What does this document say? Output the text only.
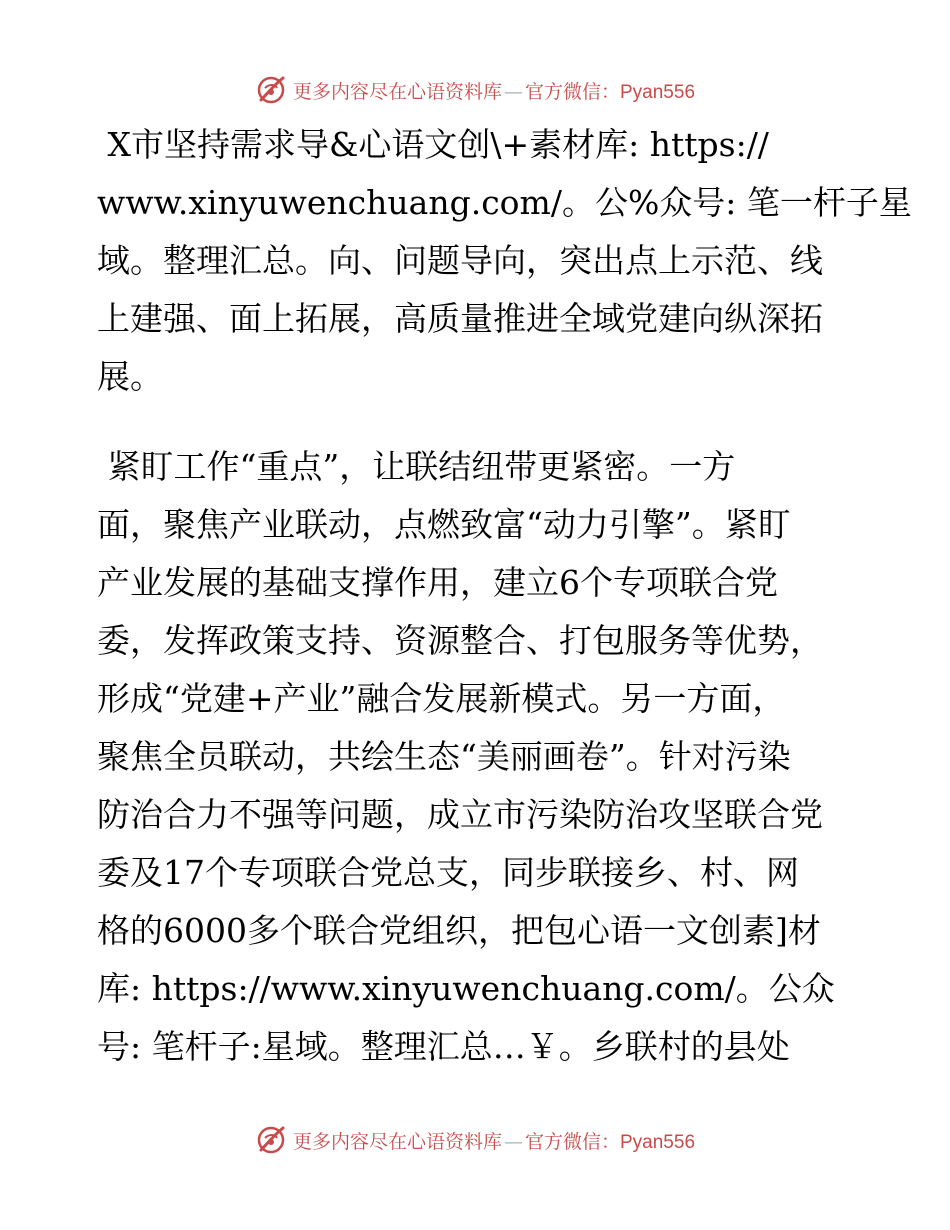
更多内容尽在心语资料库 — 官方微信：Pyan556
X市坚持需求导&心语文创\+素材库: https://
www.xinyuwenchuang.com/。公%众号: 笔一杆子星
域。整理汇总。向、问题导向，突出点上示范、线
上建强、面上拓展，高质量推进全域党建向纵深拓
展。
紧盯工作“重点”，让联结纽带更紧密。一方
面，聚焦产业联动，点燃致富“动力引擎”。紧盯
产业发展的基础支撑作用，建立6个专项联合党
委，发挥政策支持、资源整合、打包服务等优势，
形成“党建+产业”融合发展新模式。另一方面，
聚焦全员联动，共绘生态“美丽画卷”。针对污染
防治合力不强等问题，成立市污染防治攻坚联合党
委及17个专项联合党总支，同步联接乡、村、网
格的6000多个联合党组织，把包心语一文创素]材
库: https://www.xinyuwenchuang.com/。公众
号: 笔杆子:星域。整理汇总…￥。乡联村的县处
更多内容尽在心语资料库 — 官方微信：Pyan556
